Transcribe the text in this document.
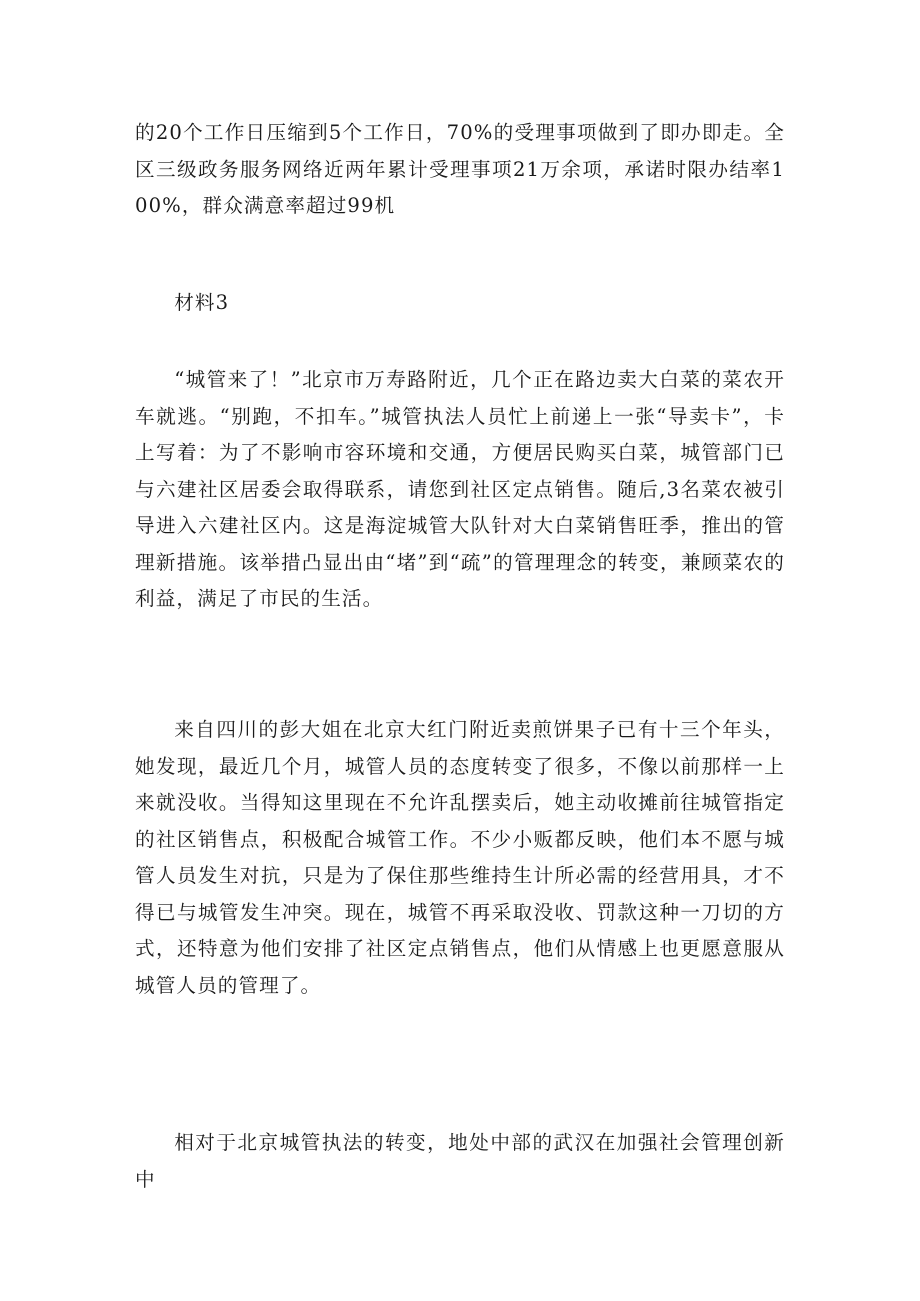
的20个工作日压缩到5个工作日，70%的受理事项做到了即办即走。全区三级政务服务网络近两年累计受理事项21万余项，承诺时限办结率100%，群众满意率超过99机

材料3

“城管来了！”北京市万寿路附近，几个正在路边卖大白菜的菜农开车就逃。“别跑，不扣车。”城管执法人员忙上前递上一张“导卖卡”，卡上写着：为了不影响市容环境和交通，方便居民购买白菜，城管部门已与六建社区居委会取得联系，请您到社区定点销售。随后,3名菜农被引导进入六建社区内。这是海淀城管大队针对大白菜销售旺季，推出的管理新措施。该举措凸显出由“堵”到“疏”的管理理念的转变，兼顾菜农的利益，满足了市民的生活。

来自四川的彭大姐在北京大红门附近卖煎饼果子已有十三个年头，她发现，最近几个月，城管人员的态度转变了很多，不像以前那样一上来就没收。当得知这里现在不允许乱摆卖后，她主动收摊前往城管指定的社区销售点，积极配合城管工作。不少小贩都反映，他们本不愿与城管人员发生对抗，只是为了保住那些维持生计所必需的经营用具，才不得已与城管发生冲突。现在，城管不再采取没收、罚款这种一刀切的方式，还特意为他们安排了社区定点销售点，他们从情感上也更愿意服从城管人员的管理了。

相对于北京城管执法的转变，地处中部的武汉在加强社会管理创新中
